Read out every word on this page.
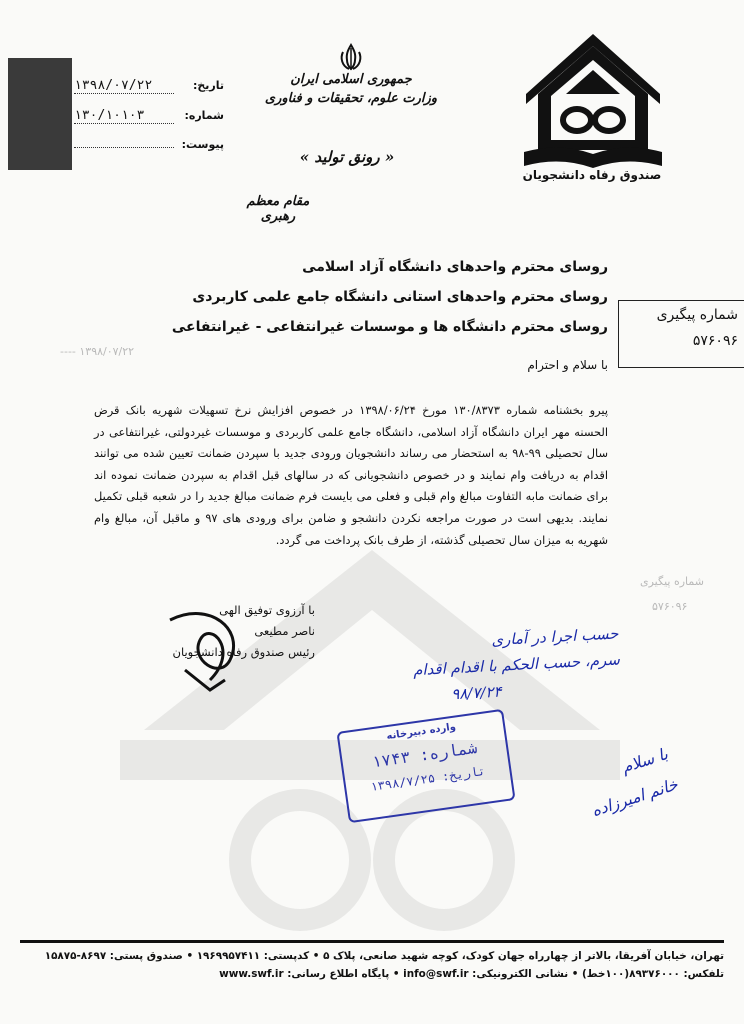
۱۳۹۸/۰۷/۲۲ ----
شماره پیگیری
۵۷۶۰۹۶
تاریخ:
۱۳۹۸/۰۷/۲۲
شماره:
۱۳۰/۱۰۱۰۳
پیوست:
جمهوری اسلامی ایران
وزارت علوم، تحقیقات و فناوری
« رونق تولید »
مقام معظم رهبری
صندوق رفاه دانشجویان
روسای محترم واحدهای دانشگاه آزاد اسلامی
روسای محترم واحدهای استانی دانشگاه جامع علمی کاربردی
روسای محترم دانشگاه ها و موسسات غیرانتفاعی - غیرانتفاعی
شماره پیگیری
۵۷۶۰۹۶
با سلام و احترام
پیرو بخشنامه شماره ۱۳۰/۸۳۷۳ مورخ ۱۳۹۸/۰۶/۲۴ در خصوص افزایش نرخ تسهیلات شهریه بانک قرض الحسنه مهر ایران دانشگاه آزاد اسلامی، دانشگاه جامع علمی کاربردی و موسسات غیردولتی، غیرانتفاعی در سال تحصیلی ۹۹-۹۸ به استحضار می رساند دانشجویان ورودی جدید با سپردن ضمانت تعیین شده می توانند اقدام به دریافت وام نمایند و در خصوص دانشجویانی که در سالهای قبل اقدام به سپردن ضمانت نموده اند برای ضمانت مابه التفاوت مبالغ وام قبلی و فعلی می بایست فرم ضمانت مبالغ جدید را در شعبه قبلی تکمیل نمایند. بدیهی است در صورت مراجعه نکردن دانشجو و ضامن برای ورودی های ۹۷ و ماقبل آن، مبالغ وام شهریه به میزان سال تحصیلی گذشته، از طرف بانک پرداخت می گردد.
با آرزوی توفیق الهی
ناصر مطیعی
رئیس صندوق رفاه دانشجویان
حسب اجرا در آماری
سرم، حسب الحکم با اقدام اقدام
۹۸/۷/۲۴
وارده دبیرخانه
شماره: ۱۷۴۳
تاریخ: ۱۳۹۸/۷/۲۵
با سلام
خانم امیرزاده
تهران، خیابان آفریقا، بالاتر از چهارراه جهان کودک، کوچه شهید صانعی، پلاک ۵ • کدپستی: ۱۹۶۹۹۵۷۴۱۱ • صندوق پستی: ۸۶۹۷-۱۵۸۷۵
تلفکس: ۸۹۳۷۶۰۰۰(۱۰۰خط) • نشانی الکترونیکی: info@swf.ir • پایگاه اطلاع رسانی: www.swf.ir
